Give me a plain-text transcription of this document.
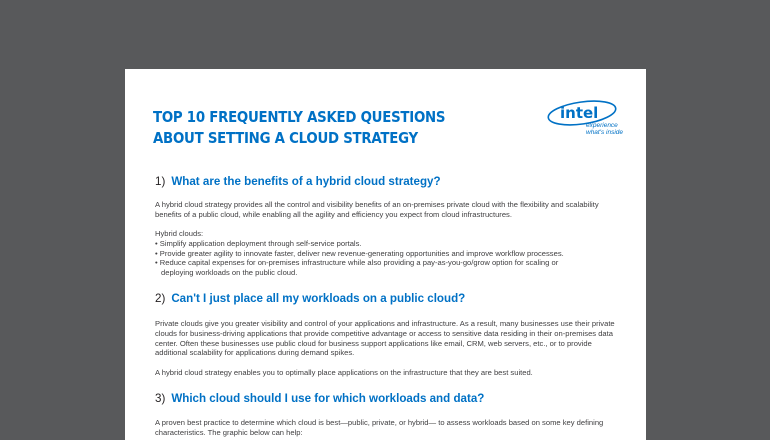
TOP 10 FREQUENTLY ASKED QUESTIONS ABOUT SETTING A CLOUD STRATEGY
intel
experience
what's inside
1) What are the benefits of a hybrid cloud strategy?

A hybrid cloud strategy provides all the control and visibility benefits of an on-premises private cloud with the flexibility and scalability benefits of a public cloud, while enabling all the agility and efficiency you expect from cloud infrastructures.

Hybrid clouds:
• Simplify application deployment through self-service portals.
• Provide greater agility to innovate faster, deliver new revenue-generating opportunities and improve workflow processes.
• Reduce capital expenses for on-premises infrastructure while also providing a pay-as-you-go/grow option for scaling or
deploying workloads on the public cloud.
2) Can't I just place all my workloads on a public cloud?

Private clouds give you greater visibility and control of your applications and infrastructure. As a result, many businesses use their private clouds for business-driving applications that provide competitive advantage or access to sensitive data residing in their on-premises data center. Often these businesses use public cloud for business support applications like email, CRM, web servers, etc., or to provide additional scalability for applications during demand spikes.

A hybrid cloud strategy enables you to optimally place applications on the infrastructure that they are best suited.

3) Which cloud should I use for which workloads and data?

A proven best practice to determine which cloud is best—public, private, or hybrid— to assess workloads based on some key defining characteristics. The graphic below can help:
